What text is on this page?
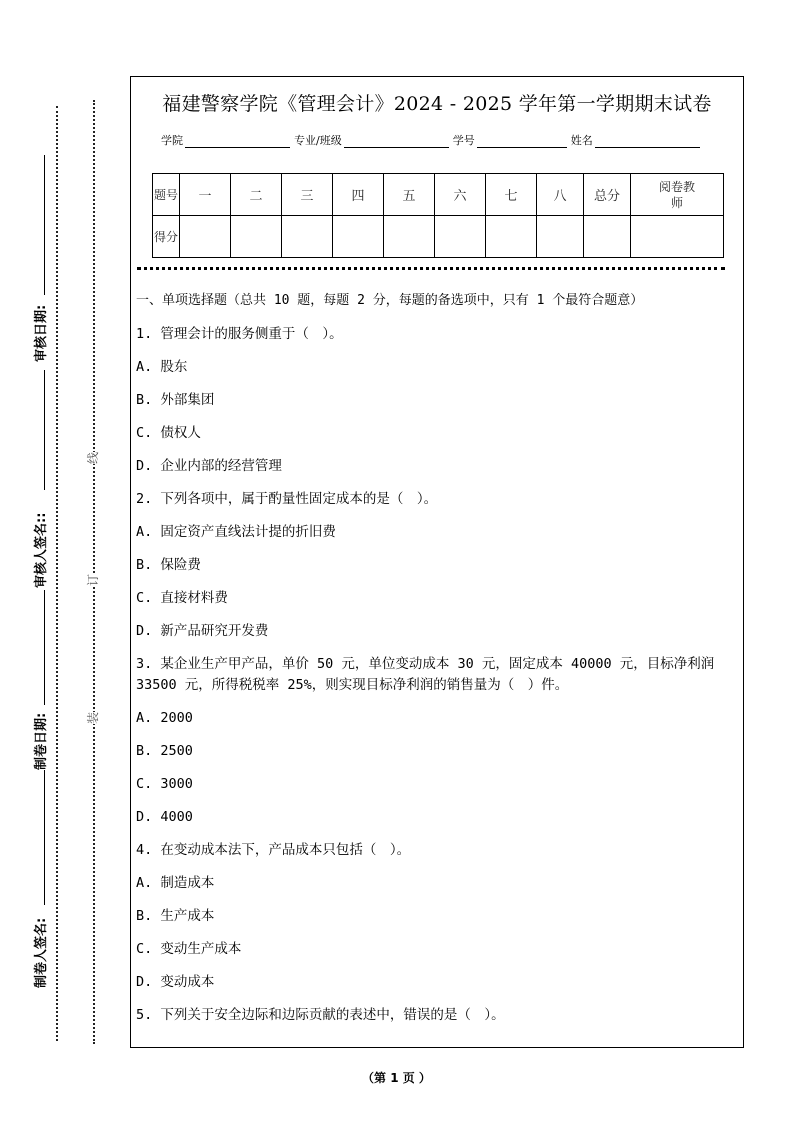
审核日期:
审核人签名::
制卷日期:
制卷人签名:
线
订
装
福建警察学院《管理会计》2024 - 2025 学年第一学期期末试卷
学院	专业/班级	学号	姓名
题号	一	二	三	四	五	六	七	八	总分	阅卷教师
得分										
一、单项选择题（总共 10 题，每题 2 分，每题的备选项中，只有 1 个最符合题意）
1. 管理会计的服务侧重于（　）。
A. 股东
B. 外部集团
C. 债权人
D. 企业内部的经营管理
2. 下列各项中，属于酌量性固定成本的是（　）。
A. 固定资产直线法计提的折旧费
B. 保险费
C. 直接材料费
D. 新产品研究开发费
3. 某企业生产甲产品，单价 50 元，单位变动成本 30 元，固定成本 40000 元，目标净利润 33500 元，所得税税率 25%，则实现目标净利润的销售量为（　）件。
A. 2000
B. 2500
C. 3000
D. 4000
4. 在变动成本法下，产品成本只包括（　）。
A. 制造成本
B. 生产成本
C. 变动生产成本
D. 变动成本
5. 下列关于安全边际和边际贡献的表述中，错误的是（　）。
（第 1 页 ）
